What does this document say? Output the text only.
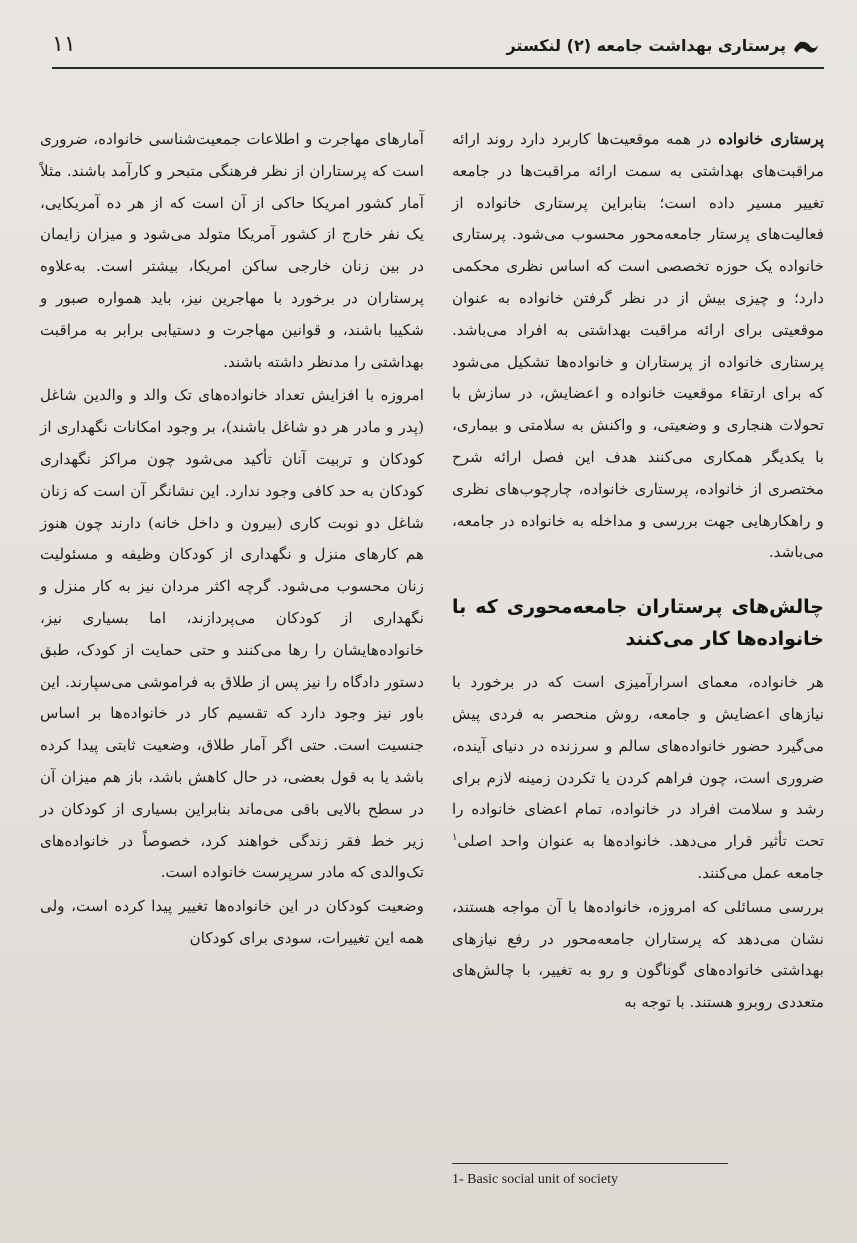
۱۱	پرستاری بهداشت جامعه (۲) لنکستر

پرستاری خانواده در همه موقعیت‌ها کاربرد دارد روند ارائه مراقبت‌های بهداشتی به سمت ارائه مراقبت‌ها در جامعه تغییر مسیر داده است؛ بنابراین پرستاری خانواده از فعالیت‌های پرستار جامعه‌محور محسوب می‌شود. پرستاری خانواده یک حوزه تخصصی است که اساس نظری محکمی دارد؛ و چیزی بیش از در نظر گرفتن خانواده به عنوان موقعیتی برای ارائه مراقبت بهداشتی به افراد می‌باشد. پرستاری خانواده از پرستاران و خانواده‌ها تشکیل می‌شود که برای ارتقاء موقعیت خانواده و اعضایش، در سازش با تحولات هنجاری و وضعیتی، و واکنش به سلامتی و بیماری، با یکدیگر همکاری می‌کنند هدف این فصل ارائه شرح مختصری از خانواده، پرستاری خانواده، چارچوب‌های نظری و راهکارهایی جهت بررسی و مداخله به خانواده در جامعه، می‌باشد.

چالش‌های پرستاران جامعه‌محوری که با خانواده‌ها کار می‌کنند

هر خانواده، معمای اسرارآمیزی است که در برخورد با نیازهای اعضایش و جامعه، روش منحصر به فردی پیش می‌گیرد حضور خانواده‌های سالم و سرزنده در دنیای آینده، ضروری است، چون فراهم کردن یا تکردن زمینه لازم برای رشد و سلامت افراد در خانواده، تمام اعضای خانواده را تحت تأثیر قرار می‌دهد. خانواده‌ها به عنوان واحد اصلی$^۱$ جامعه عمل می‌کنند.

بررسی مسائلی که امروزه، خانواده‌ها با آن مواجه هستند، نشان می‌دهد که پرستاران جامعه‌محور در رفع نیازهای بهداشتی خانواده‌های گوناگون و رو به تغییر، با چالش‌های متعددی روبرو هستند. با توجه به

آمارهای مهاجرت و اطلاعات جمعیت‌شناسی خانواده، ضروری است که پرستاران از نظر فرهنگی متبحر و کارآمد باشند. مثلاً آمار کشور امریکا حاکی از آن است که از هر ده آمریکایی، یک نفر خارج از کشور آمریکا متولد می‌شود و میزان زایمان در بین زنان خارجی ساکن امریکا، بیشتر است. به‌علاوه پرستاران در برخورد با مهاجرین نیز، باید همواره صبور و شکیبا باشند، و قوانین مهاجرت و دستیابی برابر به مراقبت بهداشتی را مدنظر داشته باشند.

امروزه با افزایش تعداد خانواده‌های تک والد و والدین شاغل (پدر و مادر هر دو شاغل باشند)، بر وجود امکانات نگهداری از کودکان و تربیت آنان تأکید می‌شود چون مراکز نگهداری کودکان به حد کافی وجود ندارد. این نشانگر آن است که زنان شاغل دو نوبت کاری (بیرون و داخل خانه) دارند چون هنوز هم کارهای منزل و نگهداری از کودکان وظیفه و مسئولیت زنان محسوب می‌شود. گرچه اکثر مردان نیز به کار منزل و نگهداری از کودکان می‌پردازند، اما بسیاری نیز، خانواده‌هایشان را رها می‌کنند و حتی حمایت از کودک، طبق دستور دادگاه را نیز پس از طلاق به فراموشی می‌سپارند. این باور نیز وجود دارد که تقسیم کار در خانواده‌ها بر اساس جنسیت است. حتی اگر آمار طلاق، وضعیت ثابتی پیدا کرده باشد یا به قول بعضی، در حال کاهش باشد، باز هم میزان آن در سطح بالایی باقی می‌ماند بنابراین بسیاری از کودکان در زیر خط فقر زندگی خواهند کرد، خصوصاً در خانواده‌های تک‌والدی که مادر سرپرست خانواده است.

وضعیت کودکان در این خانواده‌ها تغییر پیدا کرده است، ولی همه این تغییرات، سودی برای کودکان

1- Basic social unit of society
